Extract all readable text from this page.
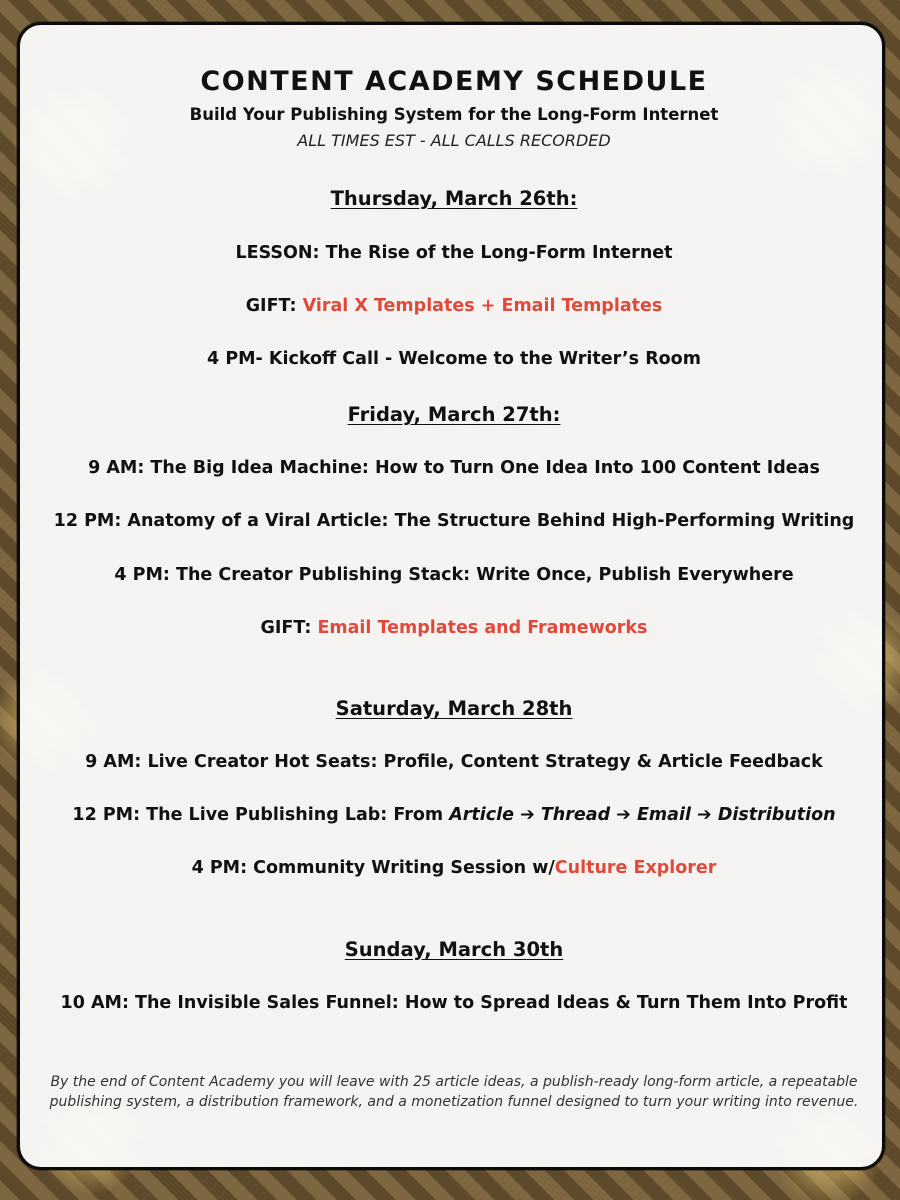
CONTENT ACADEMY SCHEDULE
Build Your Publishing System for the Long-Form Internet
ALL TIMES EST - ALL CALLS RECORDED
Thursday, March 26th:
LESSON: The Rise of the Long-Form Internet
GIFT: Viral X Templates + Email Templates
4 PM- Kickoff Call - Welcome to the Writer’s Room
Friday, March 27th:
9 AM: The Big Idea Machine: How to Turn One Idea Into 100 Content Ideas
12 PM: Anatomy of a Viral Article: The Structure Behind High-Performing Writing
4 PM: The Creator Publishing Stack: Write Once, Publish Everywhere
GIFT: Email Templates and Frameworks
Saturday, March 28th
9 AM: Live Creator Hot Seats: Profile, Content Strategy & Article Feedback
12 PM: The Live Publishing Lab: From Article ➔ Thread ➔ Email ➔ Distribution
4 PM: Community Writing Session w/Culture Explorer
Sunday, March 30th
10 AM: The Invisible Sales Funnel: How to Spread Ideas & Turn Them Into Profit
By the end of Content Academy you will leave with 25 article ideas, a publish-ready long-form article, a repeatable
publishing system, a distribution framework, and a monetization funnel designed to turn your writing into revenue.
